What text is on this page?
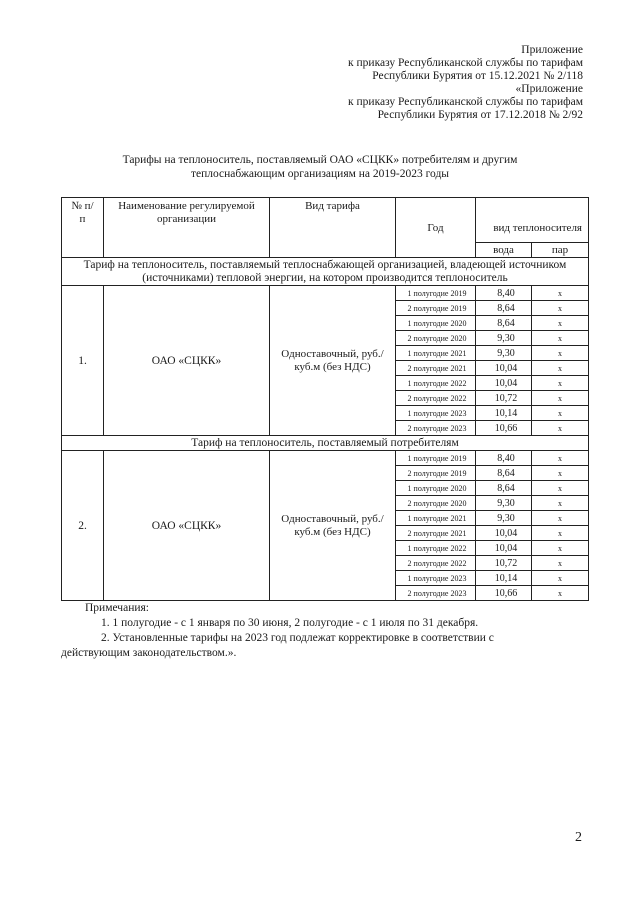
Приложение
к приказу Республиканской службы по тарифам
Республики Бурятия от 15.12.2021 № 2/118
«Приложение
к приказу Республиканской службы по тарифам
Республики Бурятия от 17.12.2018 № 2/92
Тарифы на теплоноситель, поставляемый ОАО «СЦКК» потребителям и другим
теплоснабжающим организациям на 2019-2023 годы
№ п/п	Наименование регулируемой организации	Вид тарифа	Год		
				вид теплоносителя	
				вода	пар
Тариф на теплоноситель, поставляемый теплоснабжающей организацией, владеющей источником (источниками) тепловой энергии, на котором производится теплоноситель					
1.	ОАО «СЦКК»	Одноставочный, руб./куб.м (без НДС)	1 полугодие 2019	8,40	х
			2 полугодие 2019	8,64	х
			1 полугодие 2020	8,64	х
			2 полугодие 2020	9,30	х
			1 полугодие 2021	9,30	х
			2 полугодие 2021	10,04	х
			1 полугодие 2022	10,04	х
			2 полугодие 2022	10,72	х
			1 полугодие 2023	10,14	х
			2 полугодие 2023	10,66	х
Тариф на теплоноситель, поставляемый потребителям					
2.	ОАО «СЦКК»	Одноставочный, руб./куб.м (без НДС)	1 полугодие 2019	8,40	х
			2 полугодие 2019	8,64	х
			1 полугодие 2020	8,64	х
			2 полугодие 2020	9,30	х
			1 полугодие 2021	9,30	х
			2 полугодие 2021	10,04	х
			1 полугодие 2022	10,04	х
			2 полугодие 2022	10,72	х
			1 полугодие 2023	10,14	х
			2 полугодие 2023	10,66	х
Примечания:
1. 1 полугодие - с 1 января по 30 июня, 2 полугодие - с 1 июля по 31 декабря.
2. Установленные тарифы на 2023 год подлежат корректировке в соответствии с
действующим законодательством.».
2
